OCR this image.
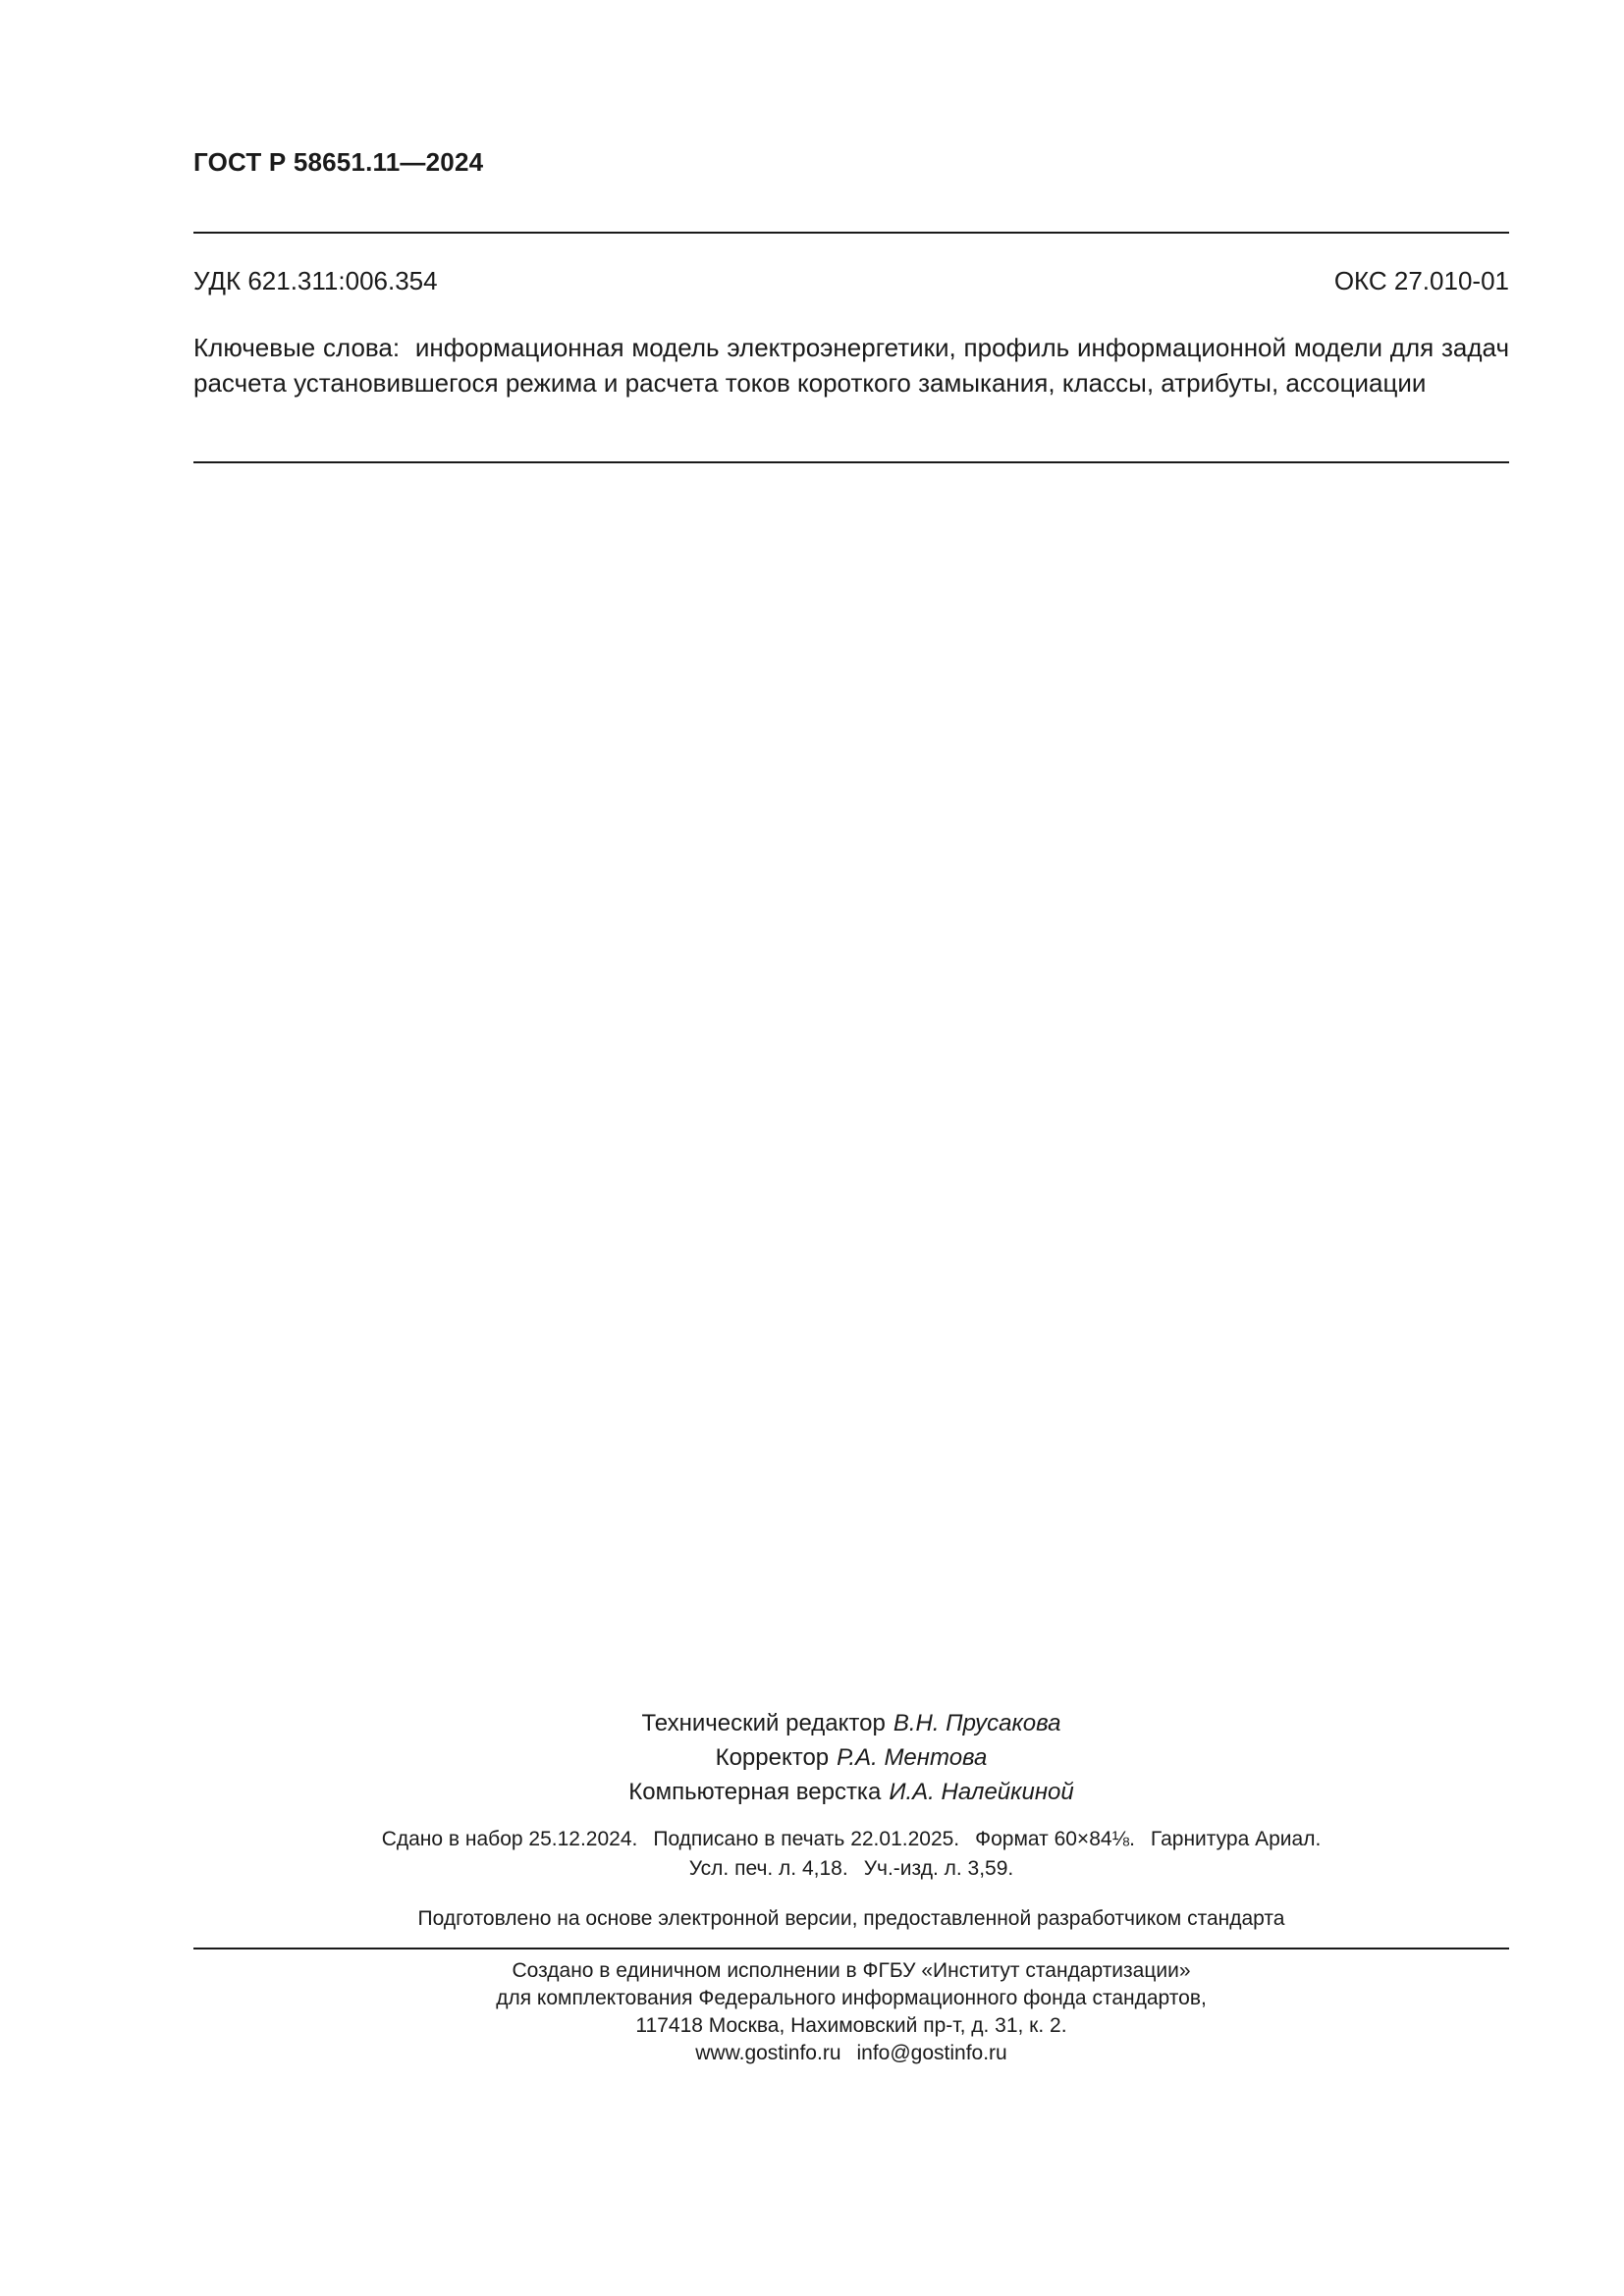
ГОСТ Р 58651.11—2024
УДК 621.311:006.354	ОКС 27.010-01
Ключевые слова: информационная модель электроэнергетики, профиль информационной модели для задач расчета установившегося режима и расчета токов короткого замыкания, классы, атрибуты, ассоциации
Технический редактор В.Н. Прусакова
Корректор Р.А. Ментова
Компьютерная верстка И.А. Налейкиной
Сдано в набор 25.12.2024. Подписано в печать 22.01.2025. Формат 60×84⅛. Гарнитура Ариал.
Усл. печ. л. 4,18. Уч.-изд. л. 3,59.
Подготовлено на основе электронной версии, предоставленной разработчиком стандарта
Создано в единичном исполнении в ФГБУ «Институт стандартизации»
для комплектования Федерального информационного фонда стандартов,
117418 Москва, Нахимовский пр-т, д. 31, к. 2.
www.gostinfo.ru info@gostinfo.ru
